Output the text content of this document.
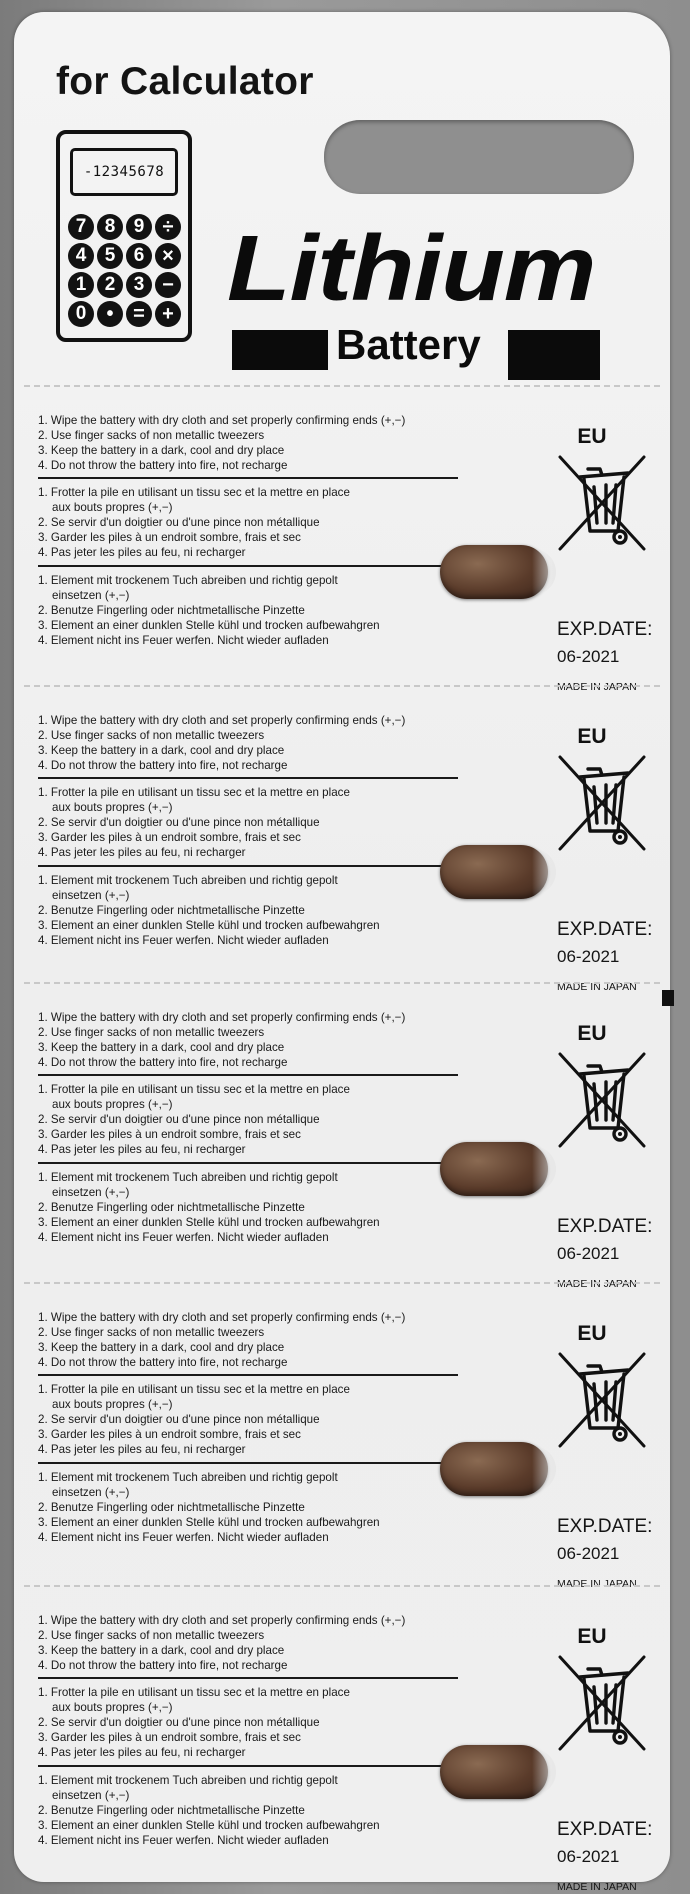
for Calculator
-12345678
7 8 9 ÷
4 5 6 ×
1 2 3 −
0	• = + Lithium
Battery
1. Wipe the battery with dry cloth and set properly confirming ends (+,−)
2. Use finger sacks of non metallic tweezers
3. Keep the battery in a dark, cool and dry place
4. Do not throw the battery into fire, not recharge
1. Frotter la pile en utilisant un tissu sec et la mettre en place
aux bouts propres (+,−)
2. Se servir d'un doigtier ou d'une pince non métallique
3. Garder les piles à un endroit sombre, frais et sec
4. Pas jeter les piles au feu, ni recharger
1. Element mit trockenem Tuch abreiben und richtig gepolt
einsetzen (+,−)
2. Benutze Fingerling oder nichtmetallische Pinzette
3. Element an einer dunklen Stelle kühl und trocken aufbewahgren
4. Element nicht ins Feuer werfen. Nicht wieder aufladen
EU
EXP.DATE:
06-2021
MADE IN JAPAN
1. Wipe the battery with dry cloth and set properly confirming ends (+,−)
2. Use finger sacks of non metallic tweezers
3. Keep the battery in a dark, cool and dry place
4. Do not throw the battery into fire, not recharge
1. Frotter la pile en utilisant un tissu sec et la mettre en place
aux bouts propres (+,−)
2. Se servir d'un doigtier ou d'une pince non métallique
3. Garder les piles à un endroit sombre, frais et sec
4. Pas jeter les piles au feu, ni recharger
1. Element mit trockenem Tuch abreiben und richtig gepolt
einsetzen (+,−)
2. Benutze Fingerling oder nichtmetallische Pinzette
3. Element an einer dunklen Stelle kühl und trocken aufbewahgren
4. Element nicht ins Feuer werfen. Nicht wieder aufladen
EU
EXP.DATE:
06-2021
MADE IN JAPAN
1. Wipe the battery with dry cloth and set properly confirming ends (+,−)
2. Use finger sacks of non metallic tweezers
3. Keep the battery in a dark, cool and dry place
4. Do not throw the battery into fire, not recharge
1. Frotter la pile en utilisant un tissu sec et la mettre en place
aux bouts propres (+,−)
2. Se servir d'un doigtier ou d'une pince non métallique
3. Garder les piles à un endroit sombre, frais et sec
4. Pas jeter les piles au feu, ni recharger
1. Element mit trockenem Tuch abreiben und richtig gepolt
einsetzen (+,−)
2. Benutze Fingerling oder nichtmetallische Pinzette
3. Element an einer dunklen Stelle kühl und trocken aufbewahgren
4. Element nicht ins Feuer werfen. Nicht wieder aufladen
EU
EXP.DATE:
06-2021
MADE IN JAPAN
1. Wipe the battery with dry cloth and set properly confirming ends (+,−)
2. Use finger sacks of non metallic tweezers
3. Keep the battery in a dark, cool and dry place
4. Do not throw the battery into fire, not recharge
1. Frotter la pile en utilisant un tissu sec et la mettre en place
aux bouts propres (+,−)
2. Se servir d'un doigtier ou d'une pince non métallique
3. Garder les piles à un endroit sombre, frais et sec
4. Pas jeter les piles au feu, ni recharger
1. Element mit trockenem Tuch abreiben und richtig gepolt
einsetzen (+,−)
2. Benutze Fingerling oder nichtmetallische Pinzette
3. Element an einer dunklen Stelle kühl und trocken aufbewahgren
4. Element nicht ins Feuer werfen. Nicht wieder aufladen
EU
EXP.DATE:
06-2021
MADE IN JAPAN
1. Wipe the battery with dry cloth and set properly confirming ends (+,−)
2. Use finger sacks of non metallic tweezers
3. Keep the battery in a dark, cool and dry place
4. Do not throw the battery into fire, not recharge
1. Frotter la pile en utilisant un tissu sec et la mettre en place
aux bouts propres (+,−)
2. Se servir d'un doigtier ou d'une pince non métallique
3. Garder les piles à un endroit sombre, frais et sec
4. Pas jeter les piles au feu, ni recharger
1. Element mit trockenem Tuch abreiben und richtig gepolt
einsetzen (+,−)
2. Benutze Fingerling oder nichtmetallische Pinzette
3. Element an einer dunklen Stelle kühl und trocken aufbewahgren
4. Element nicht ins Feuer werfen. Nicht wieder aufladen
EU
EXP.DATE:
06-2021
MADE IN JAPAN
